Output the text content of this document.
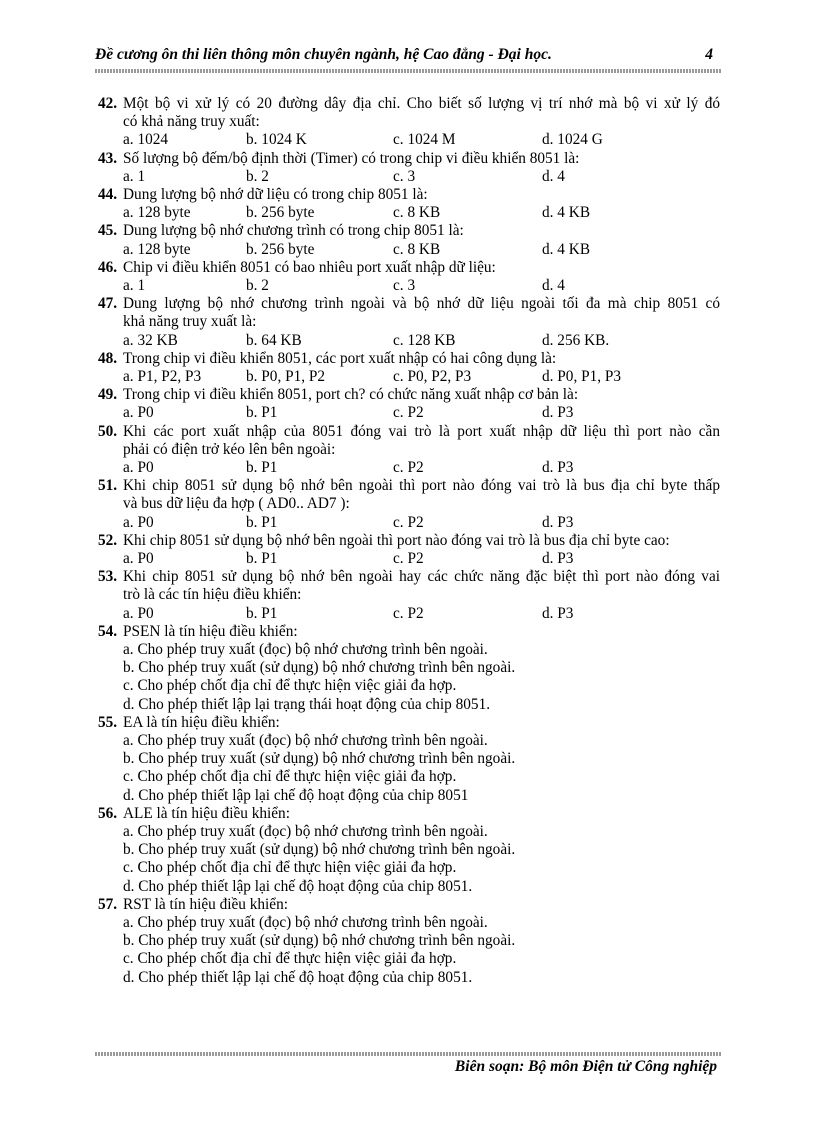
Đề cương ôn thi liên thông môn chuyên ngành, hệ Cao đẳng - Đại học.	4
42. Một bộ vi xử lý có 20 đường dây địa chỉ. Cho biết số lượng vị trí nhớ mà bộ vi xử lý đó
có khả năng truy xuất:
a. 1024	b. 1024 K	c. 1024 M	d. 1024 G
43. Số lượng bộ đếm/bộ định thời (Timer) có trong chip vi điều khiển 8051 là:
a. 1	b. 2	c. 3	d. 4
44. Dung lượng bộ nhớ dữ liệu có trong chip 8051 là:
a. 128 byte	b. 256 byte	c. 8 KB	d. 4 KB
45. Dung lượng bộ nhớ chương trình có trong chip 8051 là:
a. 128 byte	b. 256 byte	c. 8 KB	d. 4 KB
46. Chip vi điều khiển 8051 có bao nhiêu port xuất nhập dữ liệu:
a. 1	b. 2	c. 3	d. 4
47. Dung lượng bộ nhớ chương trình ngoài và bộ nhớ dữ liệu ngoài tối đa mà chip 8051 có
khả năng truy xuất là:
a. 32 KB	b. 64 KB	c. 128 KB	d. 256 KB.
48. Trong chip vi điều khiển 8051, các port xuất nhập có hai công dụng là:
a. P1, P2, P3	b. P0, P1, P2	c. P0, P2, P3	d. P0, P1, P3
49. Trong chip vi điều khiển 8051, port ch? có chức năng xuất nhập cơ bản là:
a. P0	b. P1	c. P2	d. P3
50. Khi các port xuất nhập của 8051 đóng vai trò là port xuất nhập dữ liệu thì port nào cần
phải có điện trở kéo lên bên ngoài:
a. P0	b. P1	c. P2	d. P3
51. Khi chip 8051 sử dụng bộ nhớ bên ngoài thì port nào đóng vai trò là bus địa chỉ byte thấp
và bus dữ liệu đa hợp ( AD0.. AD7 ):
a. P0	b. P1	c. P2	d. P3
52. Khi chip 8051 sử dụng bộ nhớ bên ngoài thì port nào đóng vai trò là bus địa chỉ byte cao:
a. P0	b. P1	c. P2	d. P3
53. Khi chip 8051 sử dụng bộ nhớ bên ngoài hay các chức năng đặc biệt thì port nào đóng vai
trò là các tín hiệu điều khiển:
a. P0	b. P1	c. P2	d. P3
54. PSEN là tín hiệu điều khiển:
a. Cho phép truy xuất (đọc) bộ nhớ chương trình bên ngoài.
b. Cho phép truy xuất (sử dụng) bộ nhớ chương trình bên ngoài.
c. Cho phép chốt địa chỉ để thực hiện việc giải đa hợp.
d. Cho phép thiết lập lại trạng thái hoạt động của chip 8051.
55. EA là tín hiệu điều khiển:
a. Cho phép truy xuất (đọc) bộ nhớ chương trình bên ngoài.
b. Cho phép truy xuất (sử dụng) bộ nhớ chương trình bên ngoài.
c. Cho phép chốt địa chỉ để thực hiện việc giải đa hợp.
d. Cho phép thiết lập lại chế độ hoạt động của chip 8051
56. ALE là tín hiệu điều khiển:
a. Cho phép truy xuất (đọc) bộ nhớ chương trình bên ngoài.
b. Cho phép truy xuất (sử dụng) bộ nhớ chương trình bên ngoài.
c. Cho phép chốt địa chỉ để thực hiện việc giải đa hợp.
d. Cho phép thiết lập lại chế độ hoạt động của chip 8051.
57. RST là tín hiệu điều khiển:
a. Cho phép truy xuất (đọc) bộ nhớ chương trình bên ngoài.
b. Cho phép truy xuất (sử dụng) bộ nhớ chương trình bên ngoài.
c. Cho phép chốt địa chỉ để thực hiện việc giải đa hợp.
d. Cho phép thiết lập lại chế độ hoạt động của chip 8051.
Biên soạn: Bộ môn Điện tử Công nghiệp
